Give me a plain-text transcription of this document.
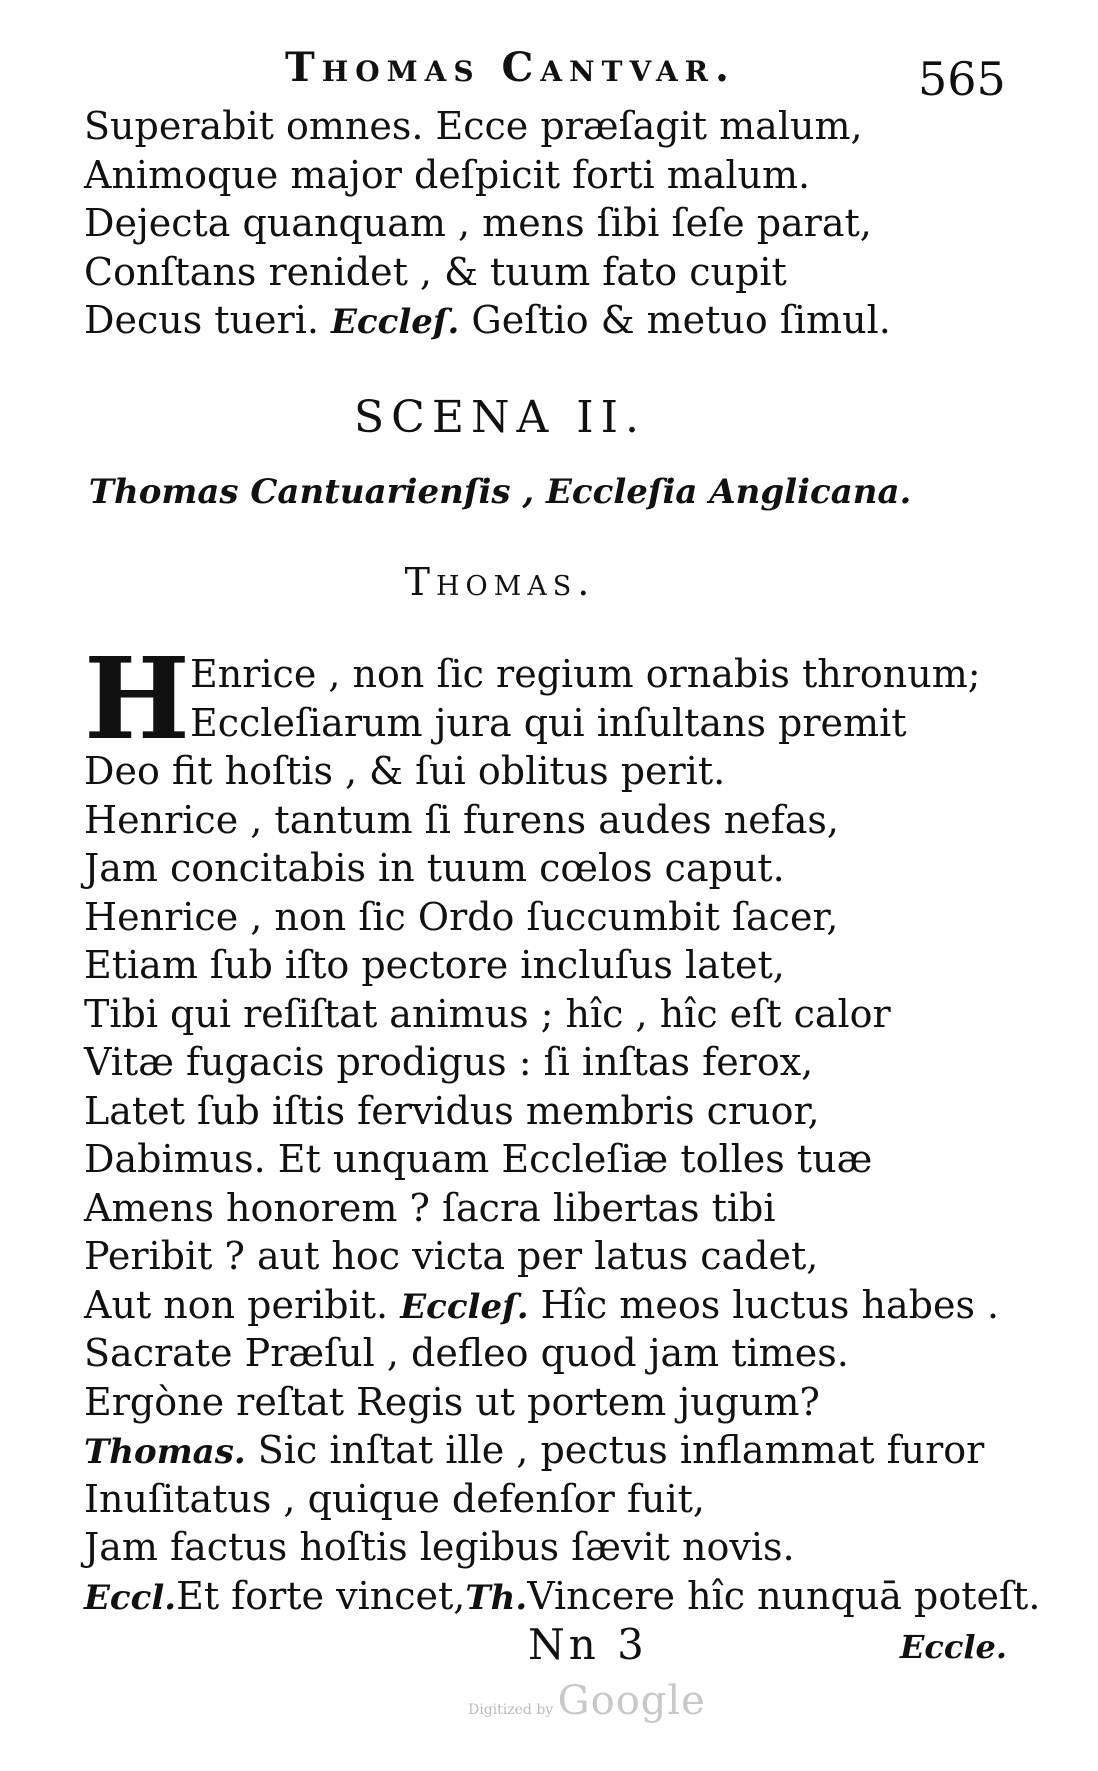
Thomas Cantvar.	565
Superabit omnes. Ecce præſagit malum,
Animoque major deſpicit forti malum.
Dejecta quanquam , mens ſibi ſeſe parat,
Conſtans renidet , & tuum fato cupit
Decus tueri. Eccleſ. Geſtio & metuo ſimul.
SCENA II.
Thomas Cantuarienſis , Eccleſia Anglicana.
Thomas.
H Enrice , non ſic regium ornabis thronum;
Eccleſiarum jura qui inſultans premit
Deo fit hoſtis , & ſui oblitus perit.
Henrice , tantum ſi furens audes nefas,
Jam concitabis in tuum cœlos caput.
Henrice , non ſic Ordo ſuccumbit ſacer,
Etiam ſub iſto pectore incluſus latet,
Tibi qui reſiſtat animus ; hîc , hîc eſt calor
Vitæ fugacis prodigus : ſi inſtas ferox,
Latet ſub iſtis fervidus membris cruor,
Dabimus. Et unquam Eccleſiæ tolles tuæ
Amens honorem ? ſacra libertas tibi
Peribit ? aut hoc victa per latus cadet,
Aut non peribit. Eccleſ. Hîc meos luctus habes .
Sacrate Præſul , defleo quod jam times.
Ergòne reſtat Regis ut portem jugum?
Thomas. Sic inſtat ille , pectus inflammat furor
Inuſitatus , quique defenſor fuit,
Jam factus hoſtis legibus ſævit novis.
Eccl.Et forte vincet,Th.Vincere hîc nunquā poteſt.
Nn 3	Eccle.
Digitized by Google
